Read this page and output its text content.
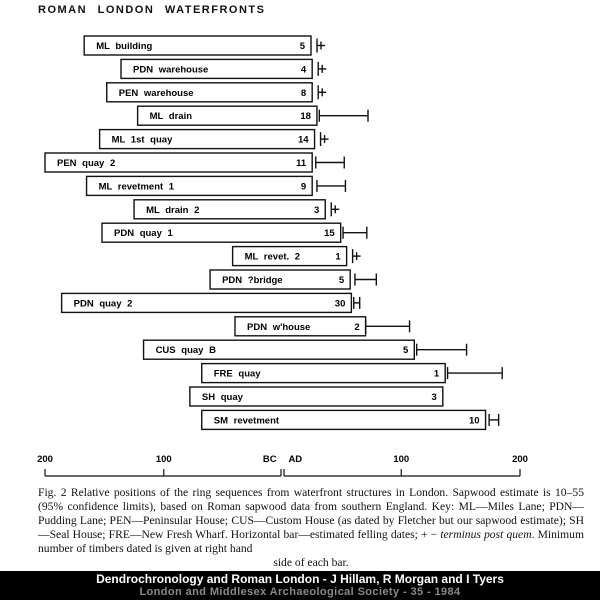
ROMAN LONDON WATERFRONTS
ML building	5
PDN warehouse	4
PEN warehouse	8
ML drain	18
ML 1st quay	14
PEN quay 2	11
ML revetment 1	9
ML drain 2	3
PDN quay 1	15
ML revet. 2	1
PDN ?bridge	5
PDN quay 2	30
PDN w'house	2
CUS quay B	5
FRE quay	1
SH quay	3
SM revetment	10
200	100	BC AD	100	200
Fig. 2 Relative positions of the ring sequences from waterfront structures in London. Sapwood estimate is 10–55 (95% confidence limits), based on Roman sapwood data from southern England. Key: ML—Miles Lane; PDN—Pudding Lane; PEN—Peninsular House; CUS—Custom House (as dated by Fletcher but our sapwood estimate); SH—Seal House; FRE—New Fresh Wharf. Horizontal bar—estimated felling dates; + − terminus post quem. Minimum number of timbers dated is given at right hand
side of each bar.
Dendrochronology and Roman London - J Hillam, R Morgan and I Tyers
London and Middlesex Archaeological Society - 35 - 1984
